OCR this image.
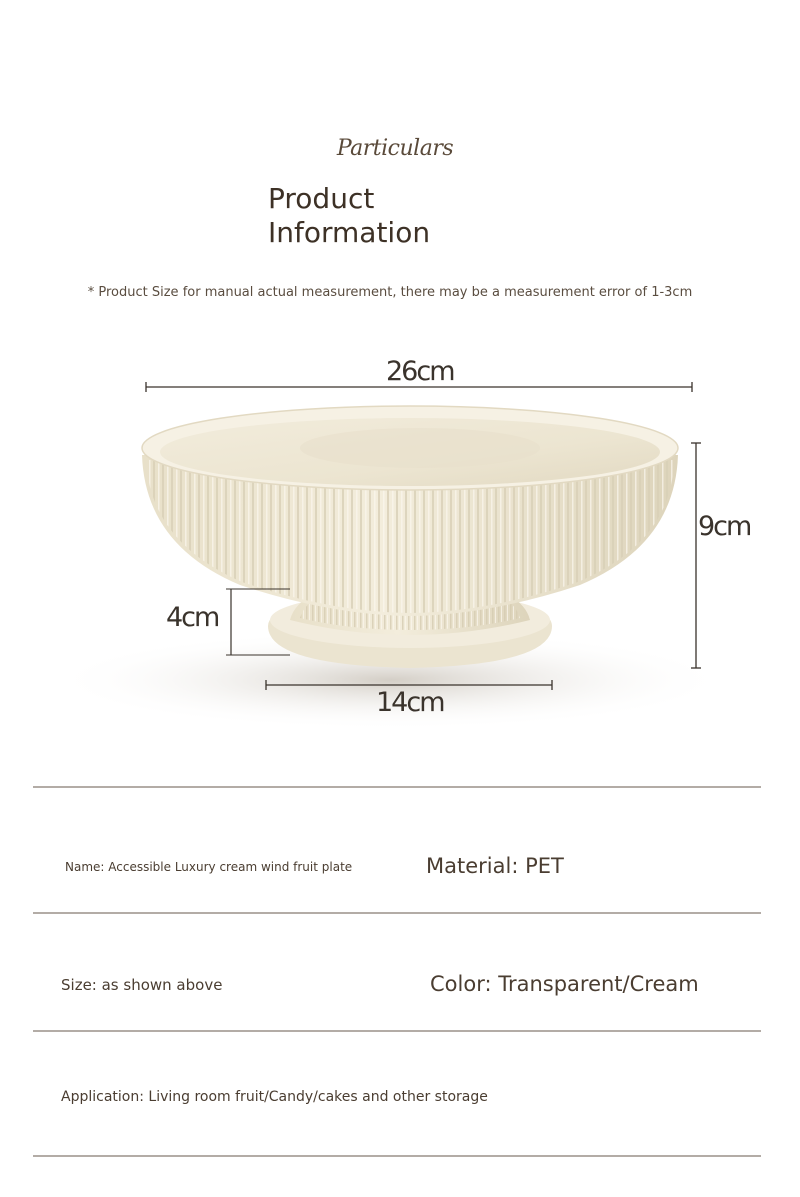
Particulars
Product
Information
* Product Size for manual actual measurement, there may be a measurement error of 1-3cm
26cm
9cm
4cm
14cm
Name: Accessible Luxury cream wind fruit plate	Material: PET
Size: as shown above	Color: Transparent/Cream
Application: Living room fruit/Candy/cakes and other storage
